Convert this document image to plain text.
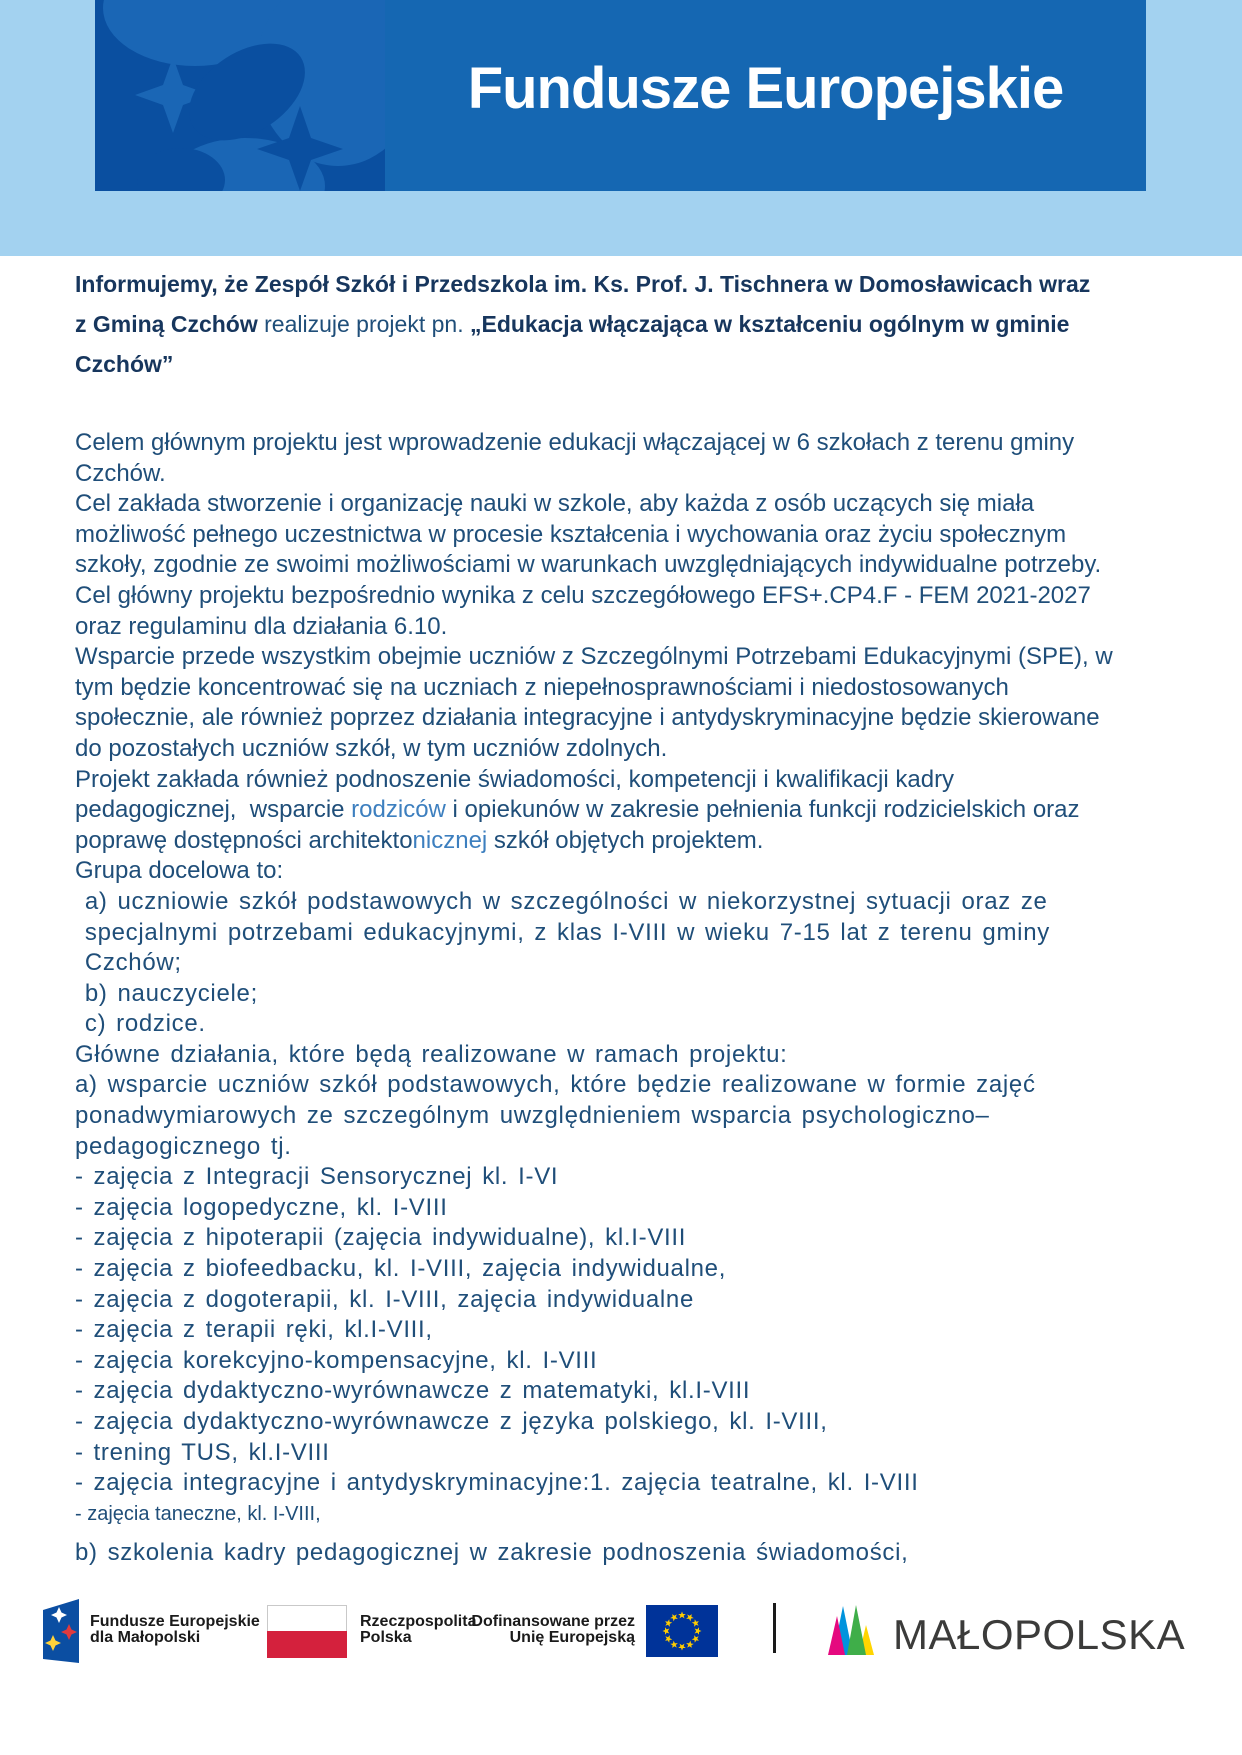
Fundusze Europejskie
Informujemy, że Zespół Szkół i Przedszkola im. Ks. Prof. J. Tischnera w Domosławicach wraz
z Gminą Czchów realizuje projekt pn. „Edukacja włączająca w kształceniu ogólnym w gminie
Czchów”
Celem głównym projektu jest wprowadzenie edukacji włączającej w 6 szkołach z terenu gminy
Czchów.
Cel zakłada stworzenie i organizację nauki w szkole, aby każda z osób uczących się miała
możliwość pełnego uczestnictwa w procesie kształcenia i wychowania oraz życiu społecznym
szkoły, zgodnie ze swoimi możliwościami w warunkach uwzględniających indywidualne potrzeby.
Cel główny projektu bezpośrednio wynika z celu szczegółowego EFS+.CP4.F - FEM 2021-2027
oraz regulaminu dla działania 6.10.
Wsparcie przede wszystkim obejmie uczniów z Szczególnymi Potrzebami Edukacyjnymi (SPE), w
tym będzie koncentrować się na uczniach z niepełnosprawnościami i niedostosowanych
społecznie, ale również poprzez działania integracyjne i antydyskryminacyjne będzie skierowane
do pozostałych uczniów szkół, w tym uczniów zdolnych.
Projekt zakłada również podnoszenie świadomości, kompetencji i kwalifikacji kadry
pedagogicznej,  wsparcie rodziców i opiekunów w zakresie pełnienia funkcji rodzicielskich oraz
poprawę dostępności architektonicznej szkół objętych projektem.
Grupa docelowa to:
a) uczniowie szkół podstawowych w szczególności w niekorzystnej sytuacji oraz ze
specjalnymi potrzebami edukacyjnymi, z klas I-VIII w wieku 7-15 lat z terenu gminy
Czchów;
b) nauczyciele;
c) rodzice.
Główne działania, które będą realizowane w ramach projektu:
a) wsparcie uczniów szkół podstawowych, które będzie realizowane w formie zajęć
ponadwymiarowych ze szczególnym uwzględnieniem wsparcia psychologiczno–
pedagogicznego tj.
- zajęcia z Integracji Sensorycznej kl. I-VI
- zajęcia logopedyczne, kl. I-VIII
- zajęcia z hipoterapii (zajęcia indywidualne), kl.I-VIII
- zajęcia z biofeedbacku, kl. I-VIII, zajęcia indywidualne,
- zajęcia z dogoterapii, kl. I-VIII, zajęcia indywidualne
- zajęcia z terapii ręki, kl.I-VIII,
- zajęcia korekcyjno-kompensacyjne, kl. I-VIII
- zajęcia dydaktyczno-wyrównawcze z matematyki, kl.I-VIII
- zajęcia dydaktyczno-wyrównawcze z języka polskiego, kl. I-VIII,
- trening TUS, kl.I-VIII
- zajęcia integracyjne i antydyskryminacyjne:1. zajęcia teatralne, kl. I-VIII
- zajęcia taneczne, kl. I-VIII,
b) szkolenia kadry pedagogicznej w zakresie podnoszenia świadomości,
Fundusze Europejskie
dla Małopolski
Rzeczpospolita
Polska
Dofinansowane przez
Unię Europejską	MAŁOPOLSKA
